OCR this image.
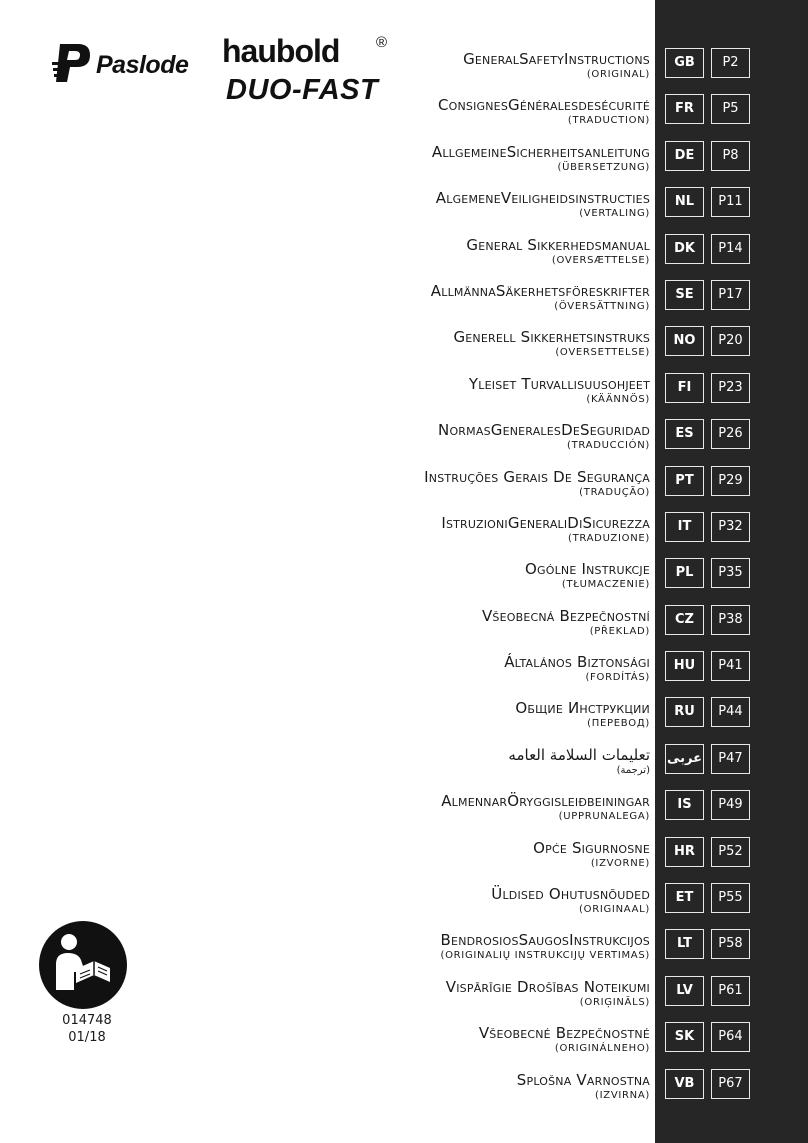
Paslode haubold ®
DUO-FAST
GeneralSafetyInstructions
(ORIGINAL)
GB	P2
ConsignesGénéralesdesécurité
(TRADUCTION)
FR	P5
AllgemeineSicherheitsanleitung
(ÜBERSETZUNG)
DE	P8
AlgemeneVeiligheidsinstructies
(VERTALING)
NL	P11
General Sikkerhedsmanual
(OVERSÆTTELSE)
DK	P14
AllmännaSäkerhetsföreskrifter
(ÖVERSÄTTNING)
SE	P17
Generell Sikkerhetsinstruks
(OVERSETTELSE)
NO	P20
Yleiset Turvallisuusohjeet
(KÄÄNNÖS)
FI	P23
NormasGeneralesDeSeguridad
(TRADUCCIÓN)
ES	P26
Instruções Gerais De Segurança
(TRADUÇÃO)
PT	P29
IstruzioniGeneraliDiSicurezza
(TRADUZIONE)
IT	P32
Ogólne Instrukcje
(TŁUMACZENIE)
PL	P35
Všeobecná Bezpečnostní
(PŘEKLAD)
CZ	P38
Általános Biztonsági
(FORDÍTÁS)
HU	P41
Общие Инструкции
(ПЕРЕВОД)
RU	P44
تعليمات السلامة العامه
(ترجمة)
عربى	P47
AlmennarÖryggisleiðbeiningar
(UPPRUNALEGA)
IS	P49
Opće Sigurnosne
(IZVORNE)
HR	P52
Üldised Ohutusnõuded
(ORIGINAAL)
ET	P55
BendrosiosSaugosInstrukcijos
(ORIGINALIŲ INSTRUKCIJŲ VERTIMAS)
LT	P58
Vispārīgie Drošības Noteikumi
(ORIĢINĀLS)
LV	P61
Všeobecné Bezpečnostné
(ORIGINÁLNEHO)
SK	P64
Splošna Varnostna
(IZVIRNA)
VB	P67
014748
01/18
